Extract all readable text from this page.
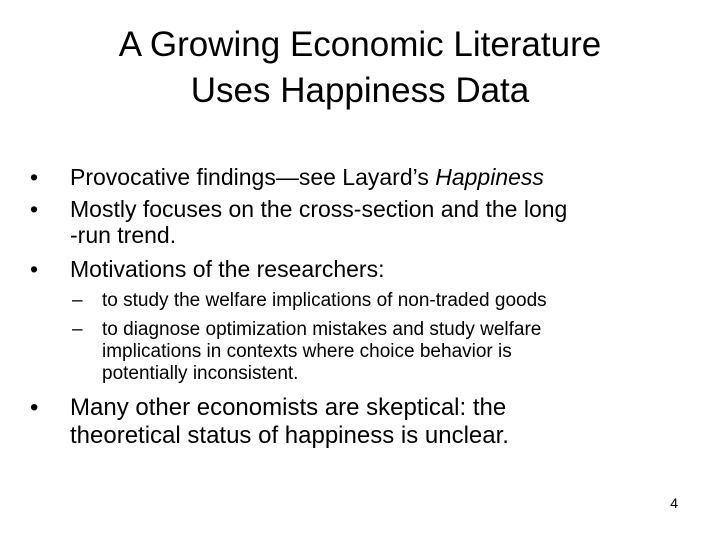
A Growing Economic Literature
Uses Happiness Data
•	Provocative findings—see Layard’s Happiness
• Mostly focuses on the cross-section and the long
-run trend.
•	Motivations of the researchers:
–	to study the welfare implications of non-traded goods
– to diagnose optimization mistakes and study welfare
implications in contexts where choice behavior is
potentially inconsistent.
• Many other economists are skeptical: the
theoretical status of happiness is unclear.
4
